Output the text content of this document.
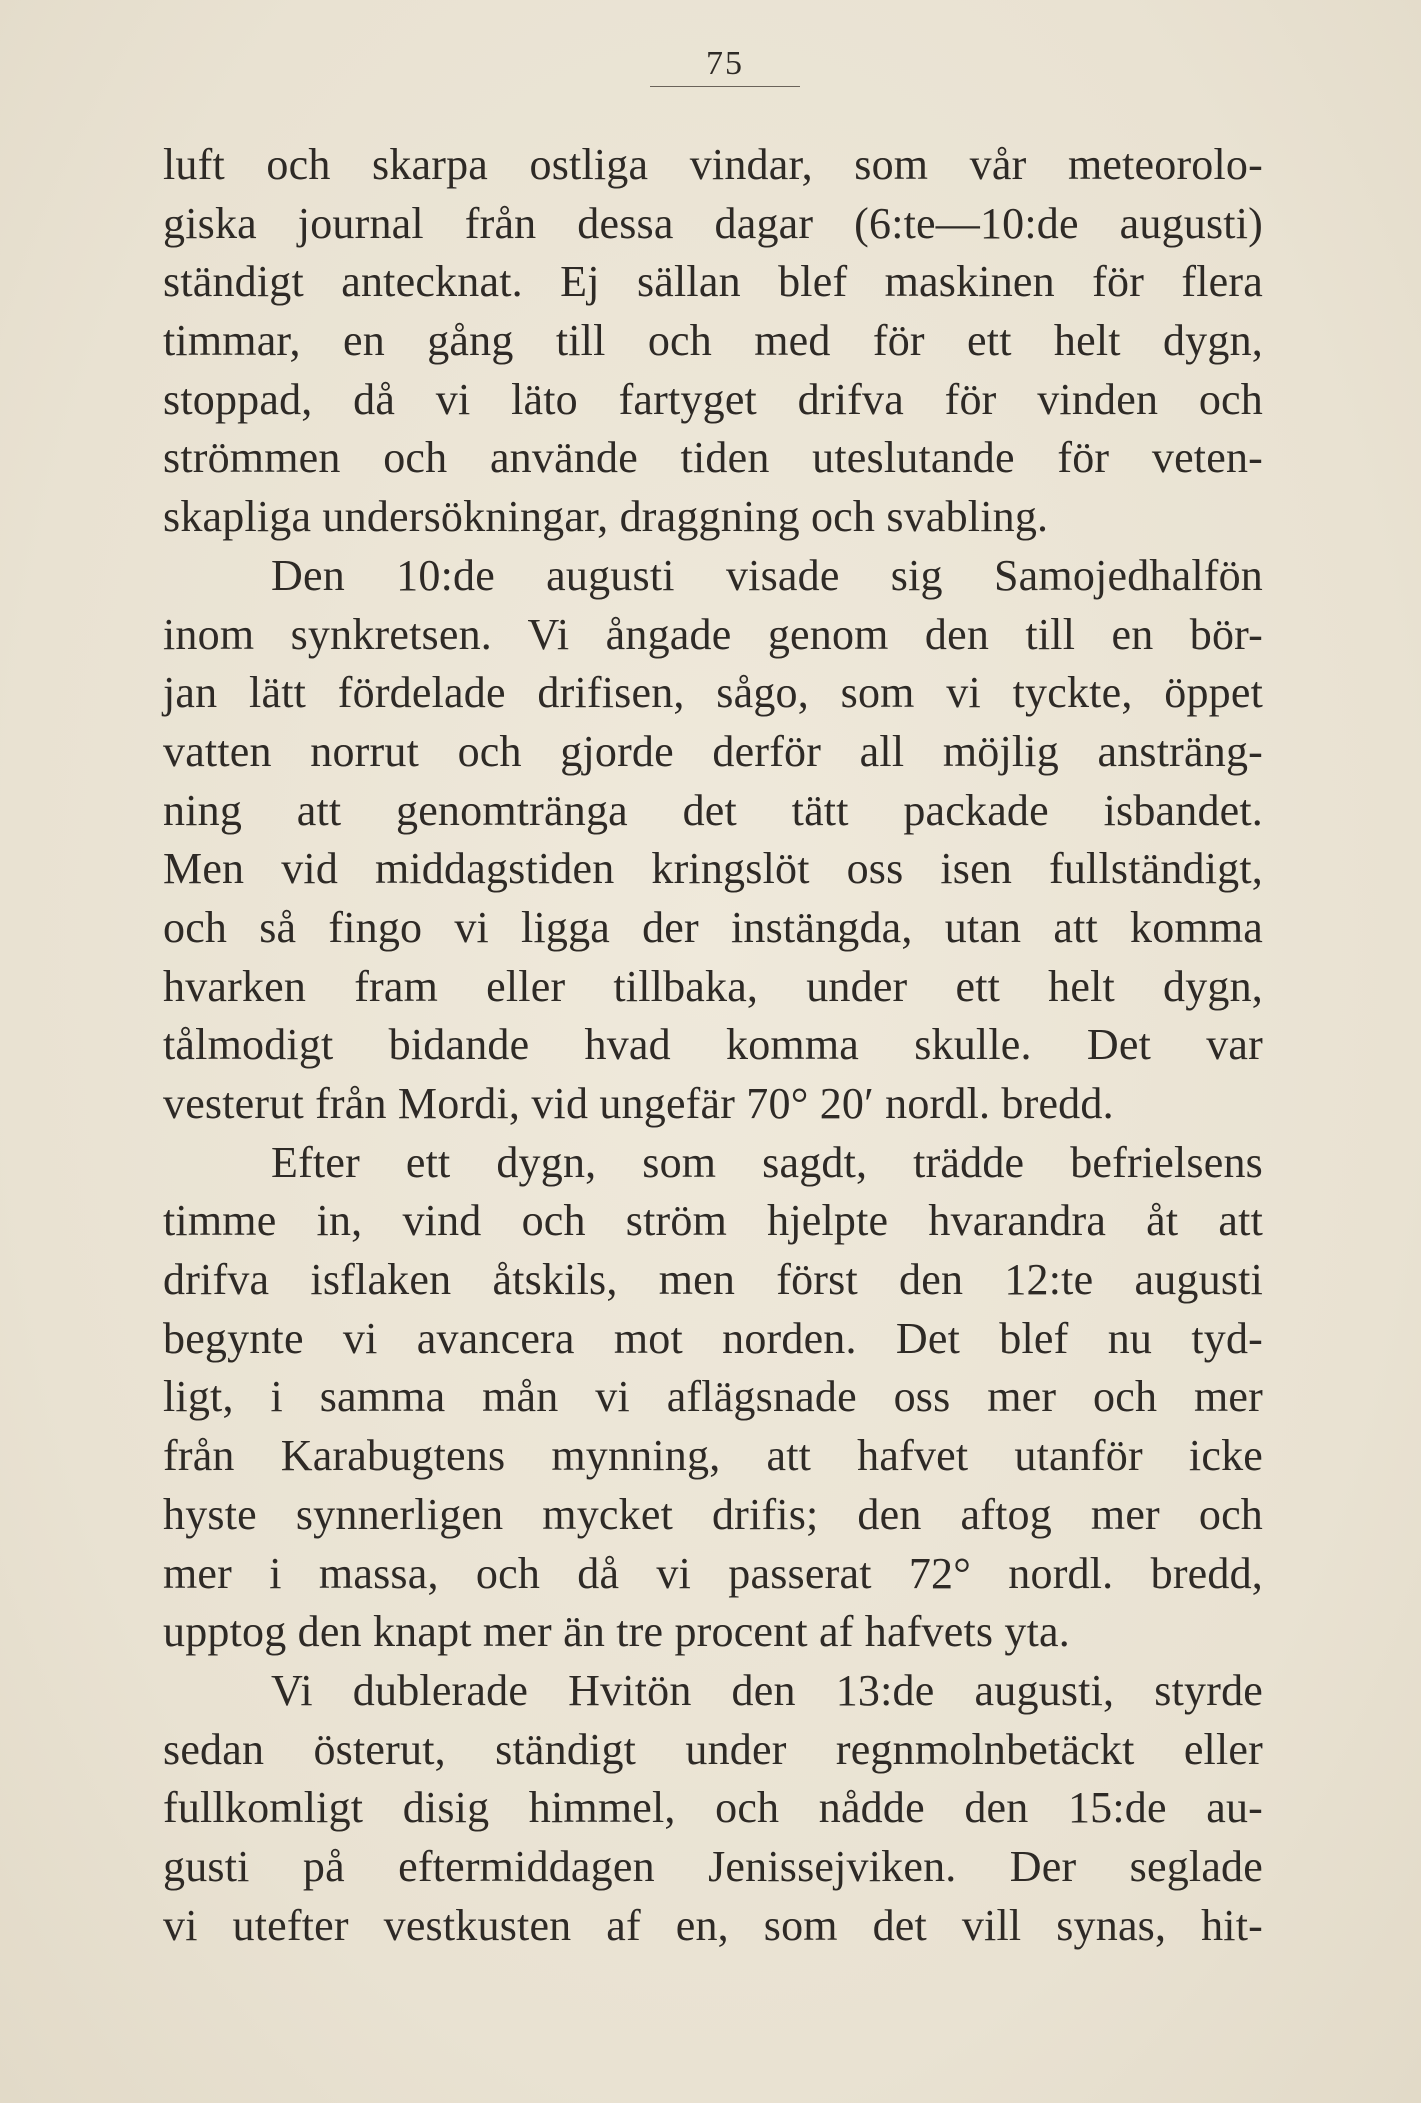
75
luft och skarpa ostliga vindar, som vår meteorolo-
giska journal från dessa dagar (6:te—10:de augusti)
ständigt antecknat. Ej sällan blef maskinen för flera
timmar, en gång till och med för ett helt dygn,
stoppad, då vi läto fartyget drifva för vinden och
strömmen och använde tiden uteslutande för veten-
skapliga undersökningar, draggning och svabling.
Den 10:de augusti visade sig Samojedhalfön
inom synkretsen. Vi ångade genom den till en bör-
jan lätt fördelade drifisen, sågo, som vi tyckte, öppet
vatten norrut och gjorde derför all möjlig ansträng-
ning att genomtränga det tätt packade isbandet.
Men vid middagstiden kringslöt oss isen fullständigt,
och så fingo vi ligga der instängda, utan att komma
hvarken fram eller tillbaka, under ett helt dygn,
tålmodigt bidande hvad komma skulle. Det var
vesterut från Mordi, vid ungefär 70° 20′ nordl. bredd.
Efter ett dygn, som sagdt, trädde befrielsens
timme in, vind och ström hjelpte hvarandra åt att
drifva isflaken åtskils, men först den 12:te augusti
begynte vi avancera mot norden. Det blef nu tyd-
ligt, i samma mån vi aflägsnade oss mer och mer
från Karabugtens mynning, att hafvet utanför icke
hyste synnerligen mycket drifis; den aftog mer och
mer i massa, och då vi passerat 72° nordl. bredd,
upptog den knapt mer än tre procent af hafvets yta.
Vi dublerade Hvitön den 13:de augusti, styrde
sedan österut, ständigt under regnmolnbetäckt eller
fullkomligt disig himmel, och nådde den 15:de au-
gusti på eftermiddagen Jenissejviken. Der seglade
vi utefter vestkusten af en, som det vill synas, hit-
